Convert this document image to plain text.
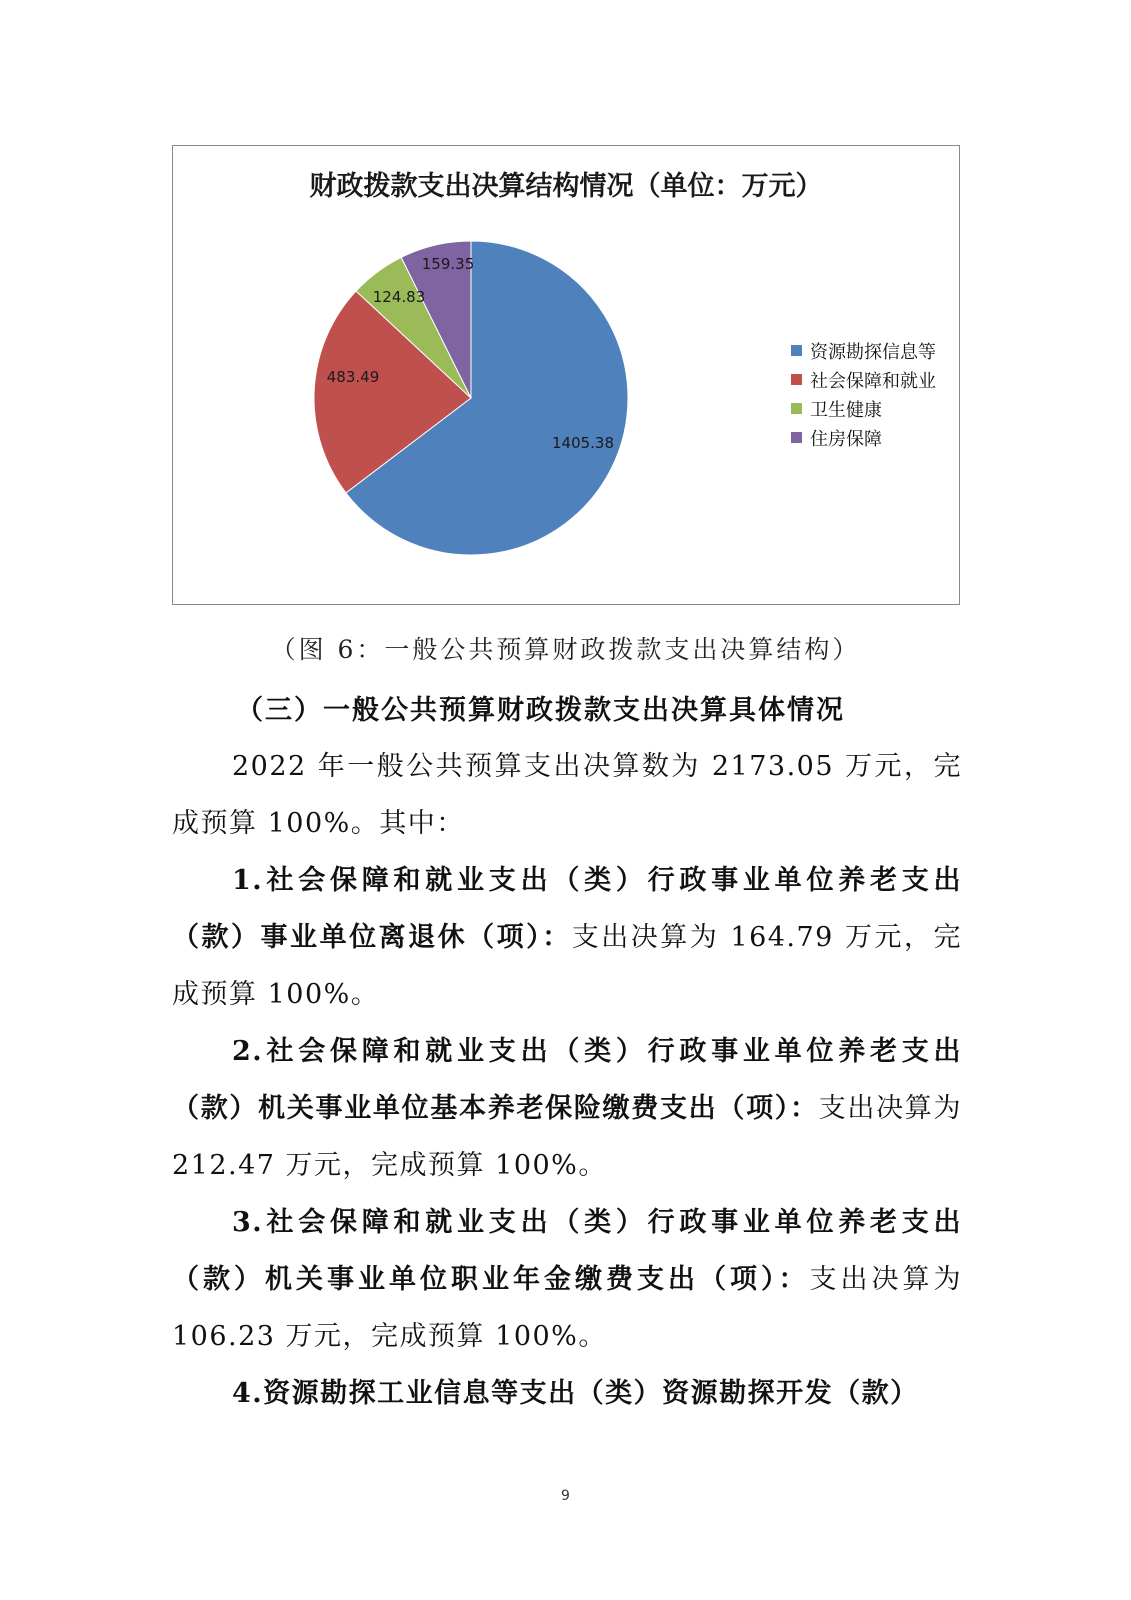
1405.38
483.49
124.83
159.35

财政拨款支出决算结构情况（单位：万元）

资源勘探信息等
社会保障和就业
卫生健康
住房保障

（图 6：一般公共预算财政拨款支出决算结构）

（三）一般公共预算财政拨款支出决算具体情况

2022 年一般公共预算支出决算数为 2173.05 万元，完成预算 100%。其中：

1.社会保障和就业支出（类）行政事业单位养老支出（款）事业单位离退休（项）：支出决算为 164.79 万元，完成预算 100%。

2.社会保障和就业支出（类）行政事业单位养老支出（款）机关事业单位基本养老保险缴费支出（项）：支出决算为 212.47 万元，完成预算 100%。

3.社会保障和就业支出（类）行政事业单位养老支出（款）机关事业单位职业年金缴费支出（项）：支出决算为 106.23 万元，完成预算 100%。

4.资源勘探工业信息等支出（类）资源勘探开发（款）

9
